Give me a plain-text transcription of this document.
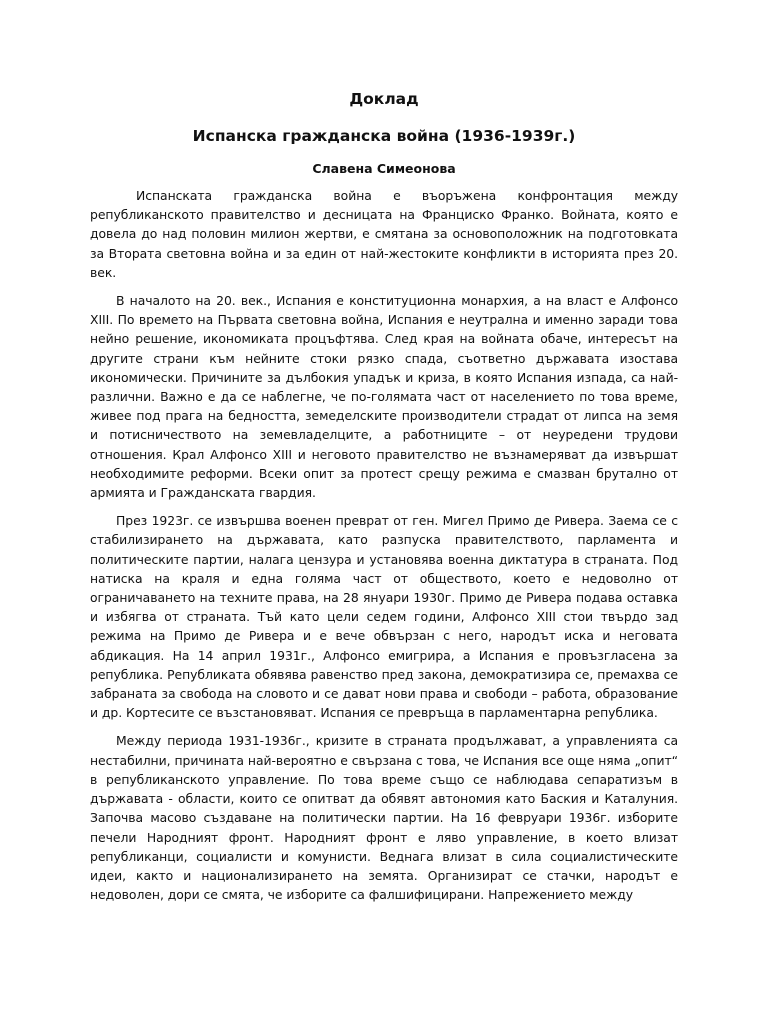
Доклад
Испанска гражданска война (1936-1939г.)
Славена Симеонова

Испанската гражданска война е въоръжена конфронтация между републиканското правителство и десницата на Франциско Франко. Войната, която е довела до над половин милион жертви, е смятана за основоположник на подготовката за Втората световна война и за един от най-жестоките конфликти в историята през 20. век.

В началото на 20. век., Испания е конституционна монархия, а на власт е Алфонсо XIII. По времето на Първата световна война, Испания е неутрална и именно заради това нейно решение, икономиката процъфтява. След края на войната обаче, интересът на другите страни към нейните стоки рязко спада, съответно държавата изостава икономически. Причините за дълбокия упадък и криза, в която Испания изпада, са най-различни. Важно е да се наблегне, че по-голямата част от населението по това време, живее под прага на бедността, земеделските производители страдат от липса на земя и потисничеството на земевладелците, а работниците – от неуредени трудови отношения. Крал Алфонсо XIII и неговото правителство не възнамеряват да извършат необходимите реформи. Всеки опит за протест срещу режима е смазван брутално от армията и Гражданската гвардия.

През 1923г. се извършва военен преврат от ген. Мигел Примо де Ривера. Заема се с стабилизирането на държавата, като разпуска правителството, парламента и политическите партии, налага цензура и установява военна диктатура в страната. Под натиска на краля и една голяма част от обществото, което е недоволно от ограничаването на техните права, на 28 януари 1930г. Примо де Ривера подава оставка и избягва от страната. Тъй като цели седем години, Алфонсо XIII стои твърдо зад режима на Примо де Ривера и е вече обвързан с него, народът иска и неговата абдикация. На 14 април 1931г., Алфонсо емигрира, а Испания е провъзгласена за република. Републиката обявява равенство пред закона, демократизира се, премахва се забраната за свобода на словото и се дават нови права и свободи – работа, образование и др. Кортесите се възстановяват. Испания се превръща в парламентарна република.

Между периода 1931-1936г., кризите в страната продължават, а управленията са нестабилни, причината най-вероятно е свързана с това, че Испания все още няма „опит“ в републиканското управление. По това време също се наблюдава сепаратизъм в държавата - области, които се опитват да обявят автономия като Баския и Каталуния. Започва масово създаване на политически партии. На 16 февруари 1936г. изборите печели Народният фронт. Народният фронт е ляво управление, в което влизат републиканци, социалисти и комунисти. Веднага влизат в сила социалистическите идеи, както и национализирането на земята. Организират се стачки, народът е недоволен, дори се смята, че изборите са фалшифицирани. Напрежението между
